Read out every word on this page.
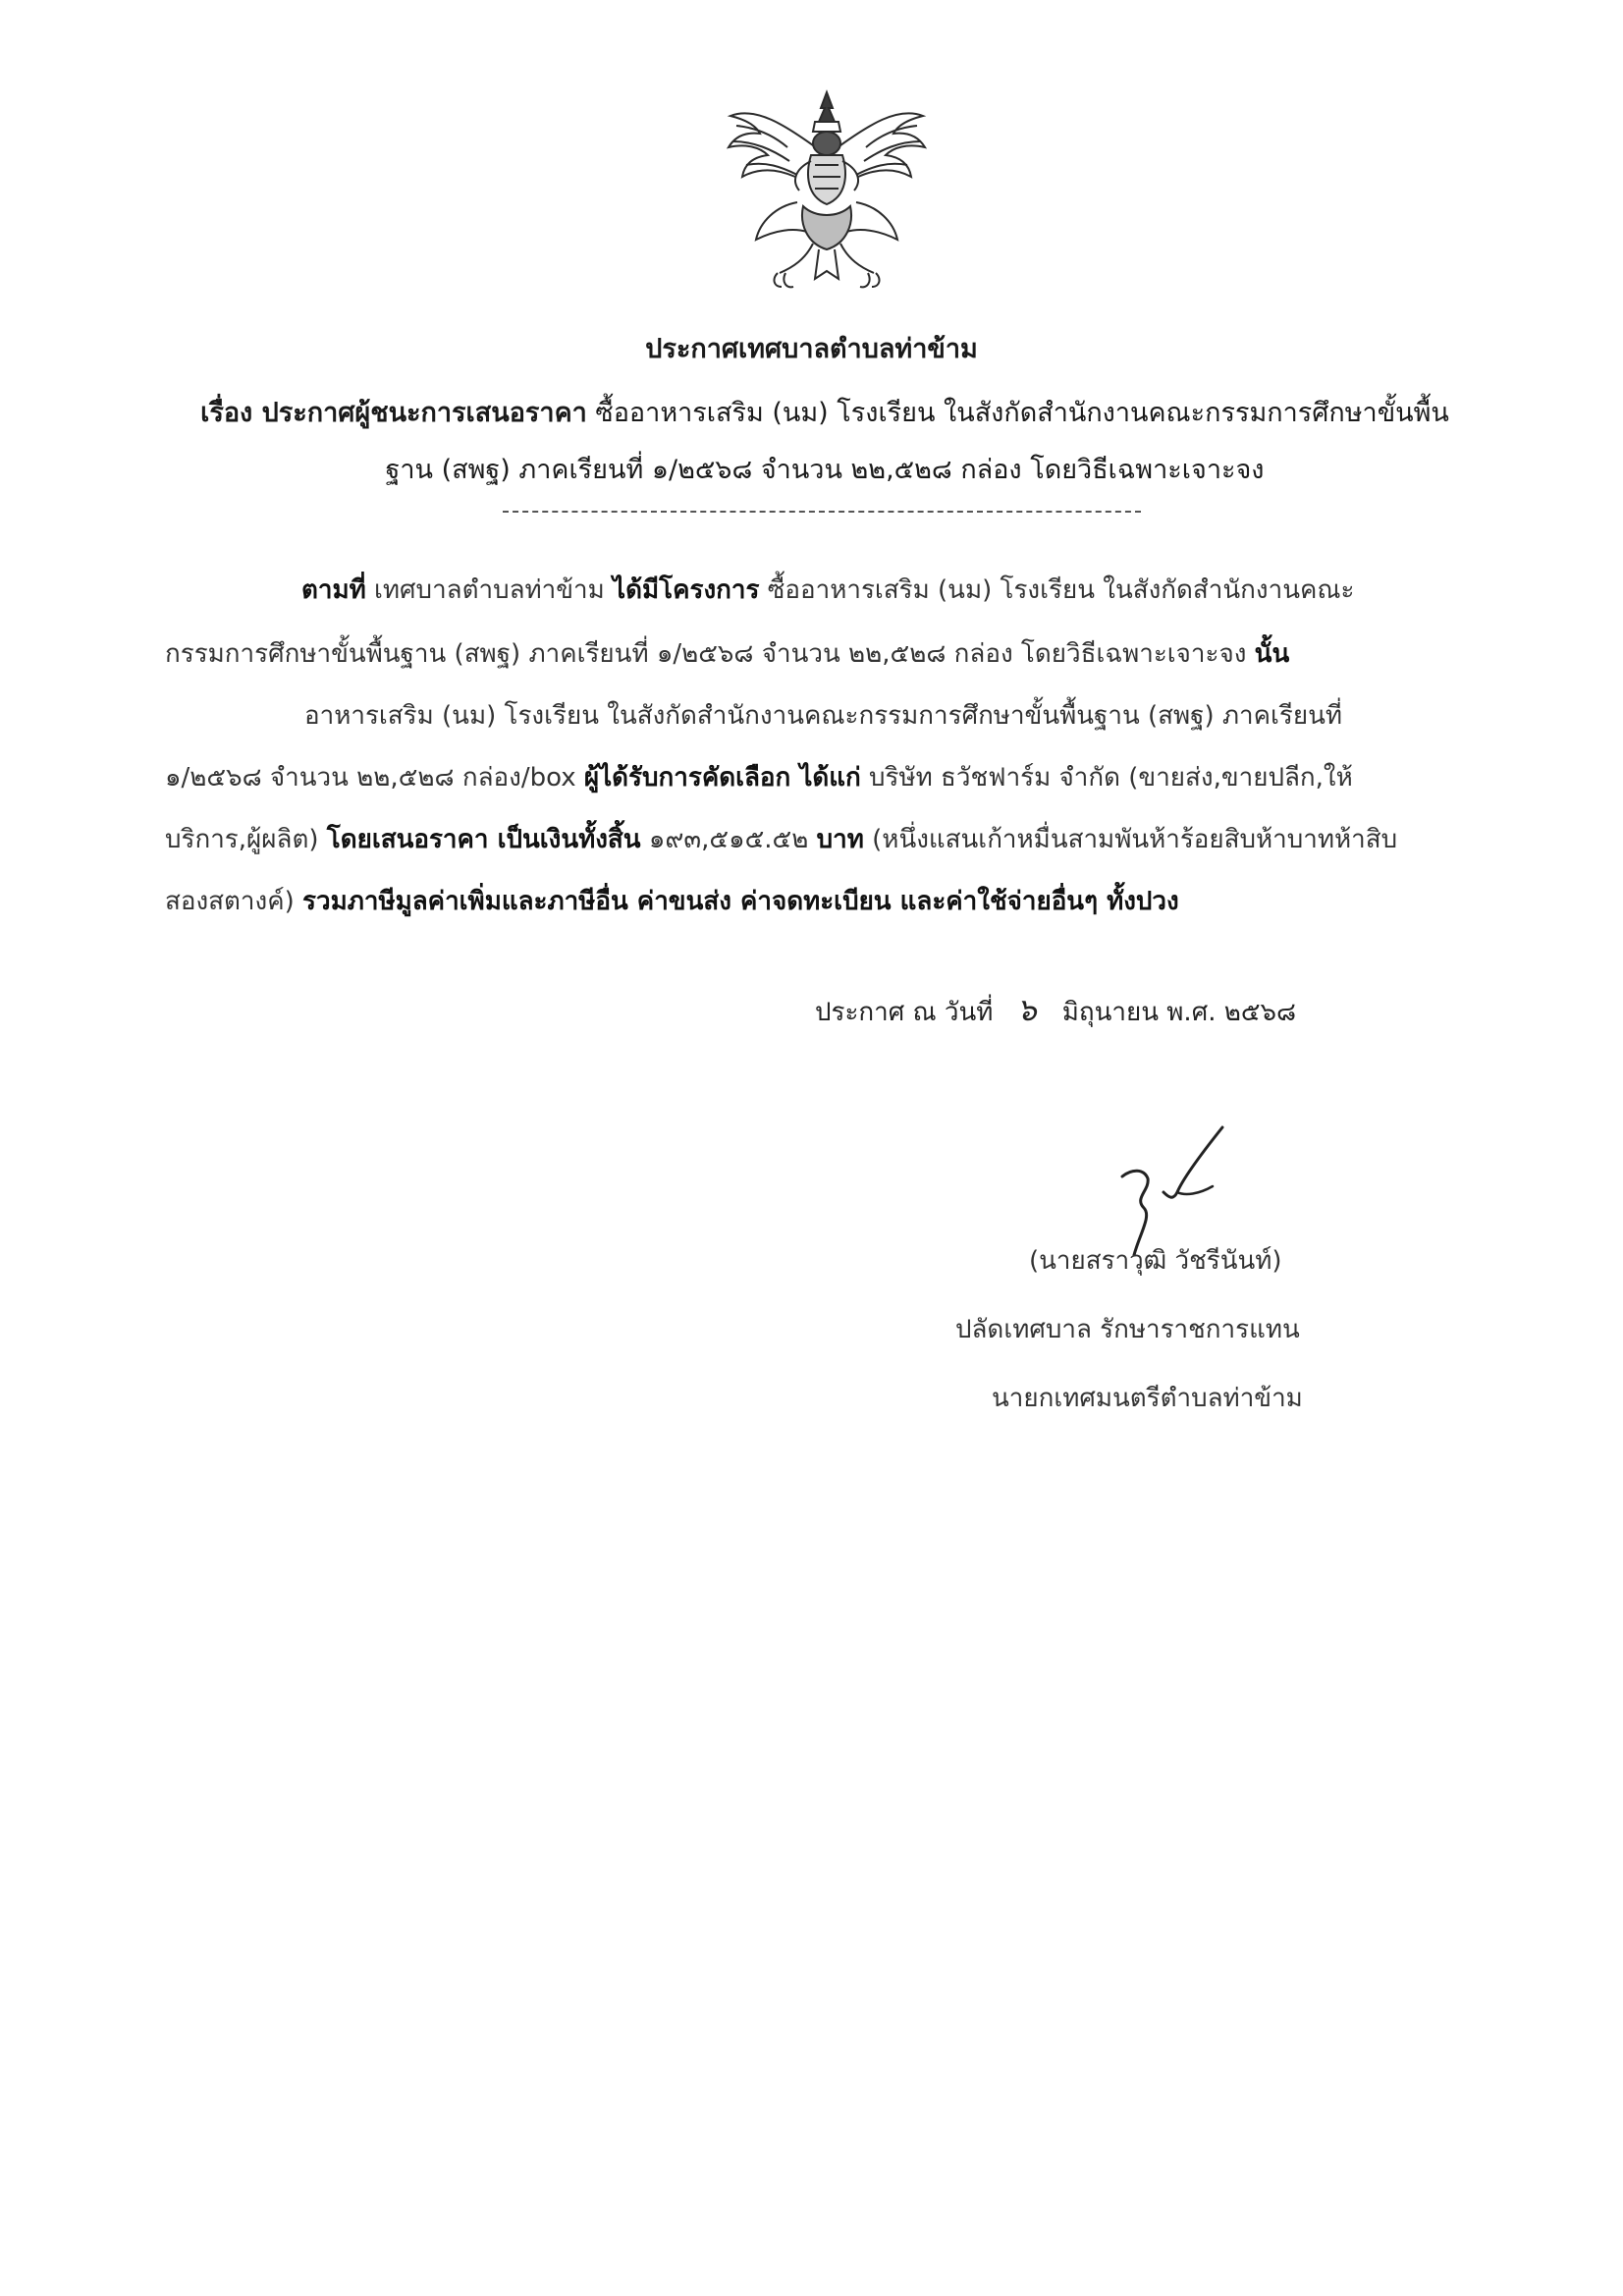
ประกาศเทศบาลตำบลท่าข้าม
เรื่อง ประกาศผู้ชนะการเสนอราคา ซื้ออาหารเสริม (นม) โรงเรียน ในสังกัดสำนักงานคณะกรรมการศึกษาขั้นพื้น
ฐาน (สพฐ) ภาคเรียนที่ ๑/๒๕๖๘ จำนวน ๒๒,๕๒๘ กล่อง โดยวิธีเฉพาะเจาะจง
ตามที่ เทศบาลตำบลท่าข้าม ได้มีโครงการ ซื้ออาหารเสริม (นม) โรงเรียน ในสังกัดสำนักงานคณะ
กรรมการศึกษาขั้นพื้นฐาน (สพฐ) ภาคเรียนที่ ๑/๒๕๖๘ จำนวน ๒๒,๕๒๘ กล่อง โดยวิธีเฉพาะเจาะจง นั้น
อาหารเสริม (นม) โรงเรียน ในสังกัดสำนักงานคณะกรรมการศึกษาขั้นพื้นฐาน (สพฐ) ภาคเรียนที่
๑/๒๕๖๘ จำนวน ๒๒,๕๒๘ กล่อง/box ผู้ได้รับการคัดเลือก ได้แก่ บริษัท ธวัชฟาร์ม จำกัด (ขายส่ง,ขายปลีก,ให้
บริการ,ผู้ผลิต) โดยเสนอราคา เป็นเงินทั้งสิ้น ๑๙๓,๕๑๕.๕๒ บาท (หนึ่งแสนเก้าหมื่นสามพันห้าร้อยสิบห้าบาทห้าสิบ
สองสตางค์) รวมภาษีมูลค่าเพิ่มและภาษีอื่น ค่าขนส่ง ค่าจดทะเบียน และค่าใช้จ่ายอื่นๆ ทั้งปวง
ประกาศ ณ วันที่ ๖ มิถุนายน พ.ศ. ๒๕๖๘
(นายสราวุฒิ วัชรีนันท์)
ปลัดเทศบาล รักษาราชการแทน
นายกเทศมนตรีตำบลท่าข้าม
